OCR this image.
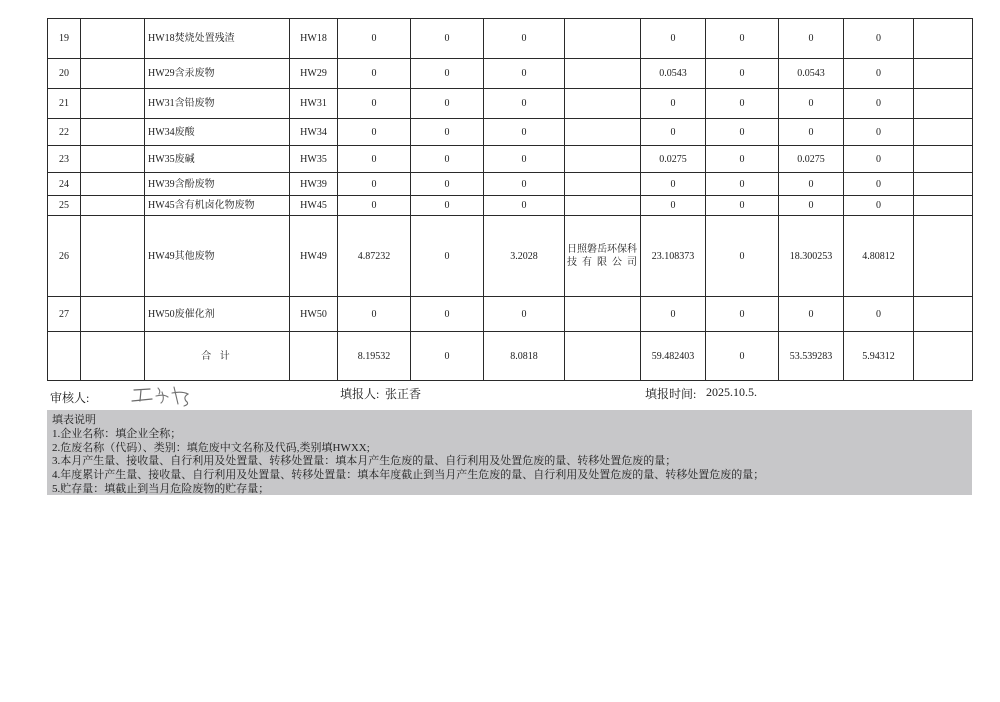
19		HW18焚烧处置残渣	HW18	0	0	0		0	0	0	0	
20		HW29含汞废物	HW29	0	0	0		0.0543	0	0.0543	0	
21		HW31含铅废物	HW31	0	0	0		0	0	0	0	
22		HW34废酸	HW34	0	0	0		0	0	0	0	
23		HW35废碱	HW35	0	0	0		0.0275	0	0.0275	0	
24		HW39含酚废物	HW39	0	0	0		0	0	0	0	
25		HW45含有机卤化物废物	HW45	0	0	0		0	0	0	0	
26		HW49其他废物	HW49	4.87232	0	3.2028	日照磐岳环保科技有限公司	23.108373	0	18.300253	4.80812	
27		HW50废催化剂	HW50	0	0	0		0	0	0	0	
		合 计		8.19532	0	8.0818		59.482403	0	53.539283	5.94312	
审核人:	填报人: 张正香	填报时间: 2025.10.5.
填表说明
1.企业名称：填企业全称；
2.危废名称（代码）、类别：填危废中文名称及代码,类别填HWXX;
3.本月产生量、接收量、自行利用及处置量、转移处置量：填本月产生危废的量、自行利用及处置危废的量、转移处置危废的量；
4.年度累计产生量、接收量、自行利用及处置量、转移处置量：填本年度截止到当月产生危废的量、自行利用及处置危废的量、转移处置危废的量；
5.贮存量：填截止到当月危险废物的贮存量；
